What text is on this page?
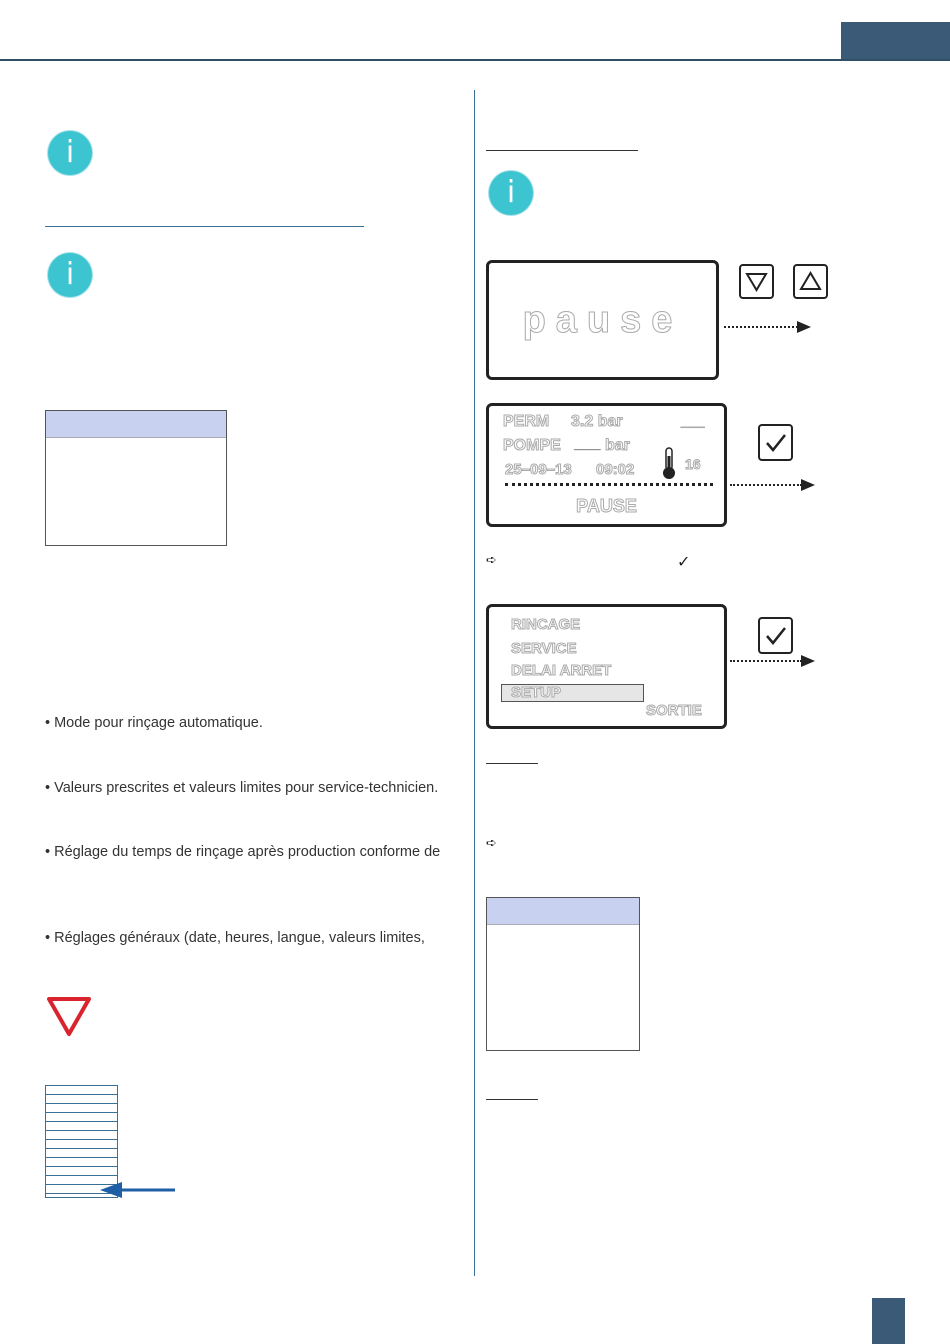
i
i
• Mode pour rinçage automatique.
• Valeurs prescrites et valeurs limites pour service-technicien.
• Réglage du temps de rinçage après production conforme de
• Réglages généraux (date, heures, langue, valeurs limites,
i
pause
PERM 3.2 bar	___
POMPE ___ bar
25–09–13 09:02	16
PAUSE
➪	✓
RINCAGE
SERVICE
DELAI ARRET
SETUP
SORTIE
➪
